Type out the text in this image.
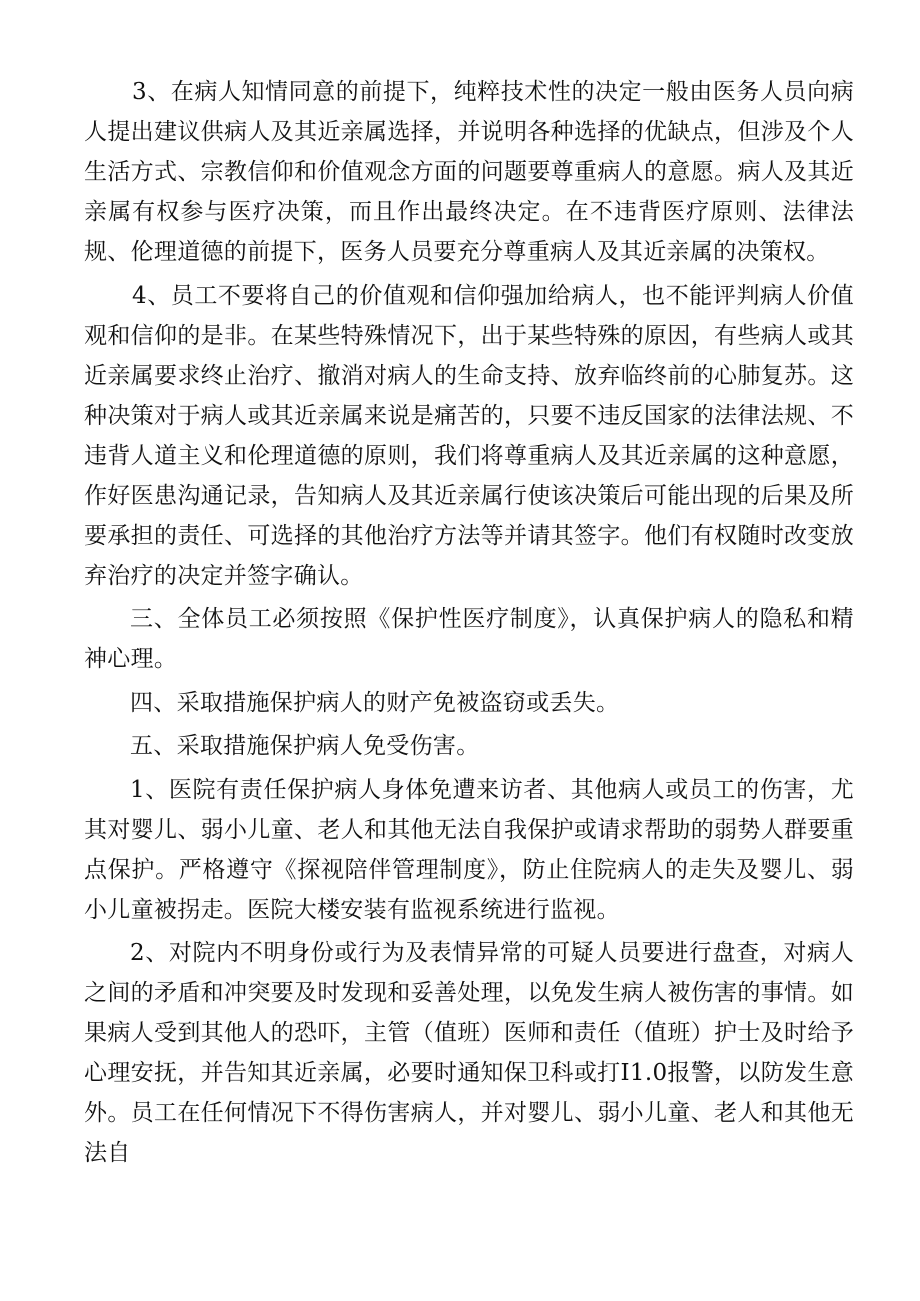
3、在病人知情同意的前提下，纯粹技术性的决定一般由医务人员向病人提出建议供病人及其近亲属选择，并说明各种选择的优缺点，但涉及个人生活方式、宗教信仰和价值观念方面的问题要尊重病人的意愿。病人及其近亲属有权参与医疗决策，而且作出最终决定。在不违背医疗原则、法律法规、伦理道德的前提下，医务人员要充分尊重病人及其近亲属的决策权。

4、员工不要将自己的价值观和信仰强加给病人，也不能评判病人价值观和信仰的是非。在某些特殊情况下，出于某些特殊的原因，有些病人或其近亲属要求终止治疗、撤消对病人的生命支持、放弃临终前的心肺复苏。这种决策对于病人或其近亲属来说是痛苦的，只要不违反国家的法律法规、不违背人道主义和伦理道德的原则，我们将尊重病人及其近亲属的这种意愿，作好医患沟通记录，告知病人及其近亲属行使该决策后可能出现的后果及所要承担的责任、可选择的其他治疗方法等并请其签字。他们有权随时改变放弃治疗的决定并签字确认。

三、全体员工必须按照《保护性医疗制度》，认真保护病人的隐私和精神心理。

四、采取措施保护病人的财产免被盗窃或丢失。

五、采取措施保护病人免受伤害。

1、医院有责任保护病人身体免遭来访者、其他病人或员工的伤害，尤其对婴儿、弱小儿童、老人和其他无法自我保护或请求帮助的弱势人群要重点保护。严格遵守《探视陪伴管理制度》，防止住院病人的走失及婴儿、弱小儿童被拐走。医院大楼安装有监视系统进行监视。

2、对院内不明身份或行为及表情异常的可疑人员要进行盘查，对病人之间的矛盾和冲突要及时发现和妥善处理，以免发生病人被伤害的事情。如果病人受到其他人的恐吓，主管（值班）医师和责任（值班）护士及时给予心理安抚，并告知其近亲属，必要时通知保卫科或打I1.0报警，以防发生意外。员工在任何情况下不得伤害病人，并对婴儿、弱小儿童、老人和其他无法自
